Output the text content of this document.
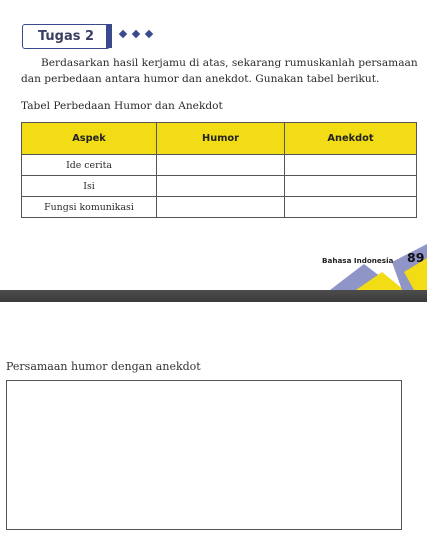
Tugas 2
Berdasarkan hasil kerjamu di atas, sekarang rumuskanlah persamaan
dan perbedaan antara humor dan anekdot. Gunakan tabel berikut.
Tabel Perbedaan Humor dan Anekdot
Aspek	Humor	Anekdot
Ide cerita		
Isi		
Fungsi komunikasi		
Bahasa Indonesia 89
Persamaan humor dengan anekdot
